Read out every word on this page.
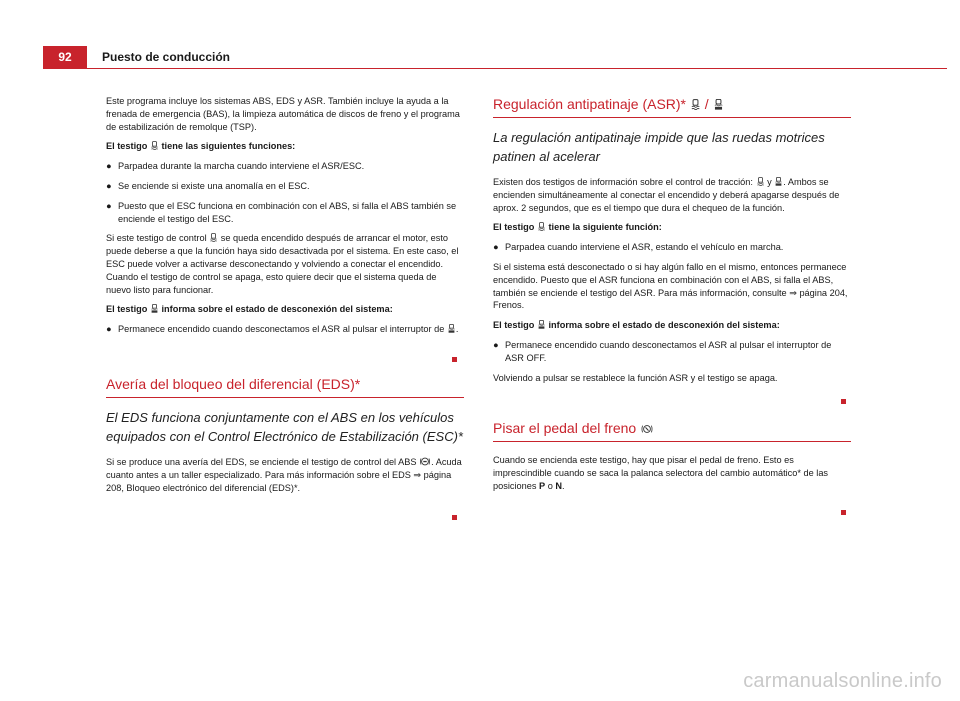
92	Puesto de conducción

Este programa incluye los sistemas ABS, EDS y ASR. También incluye la ayuda a la frenada de emergencia (BAS), la limpieza automática de discos de freno y el programa de estabilización de remolque (TSP).

El testigo tiene las siguientes funciones:

● Parpadea durante la marcha cuando interviene el ASR/ESC.

● Se enciende si existe una anomalía en el ESC.

● Puesto que el ESC funciona en combinación con el ABS, si falla el ABS también se enciende el testigo del ESC.

Si este testigo de control se queda encendido después de arrancar el motor, esto puede deberse a que la función haya sido desactivada por el sistema. En este caso, el ESC puede volver a activarse desconectando y volviendo a conectar el encendido. Cuando el testigo de control se apaga, esto quiere decir que el sistema queda de nuevo listo para funcionar.

El testigo informa sobre el estado de desconexión del sistema:

● Permanece encendido cuando desconectamos el ASR al pulsar el interruptor de .

Avería del bloqueo del diferencial (EDS)*
El EDS funciona conjuntamente con el ABS en los vehículos equipados con el Control Electrónico de Estabilización (ESC)*

Si se produce una avería del EDS, se enciende el testigo de control del ABS . Acuda cuanto antes a un taller especializado. Para más información sobre el EDS ⇒ página 208, Bloqueo electrónico del diferencial (EDS)*.

Regulación antipatinaje (ASR)* /
La regulación antipatinaje impide que las ruedas motrices patinen al acelerar

Existen dos testigos de información sobre el control de tracción: y . Ambos se encienden simultáneamente al conectar el encendido y deberá apagarse después de aprox. 2 segundos, que es el tiempo que dura el chequeo de la función.

El testigo tiene la siguiente función:

● Parpadea cuando interviene el ASR, estando el vehículo en marcha.

Si el sistema está desconectado o si hay algún fallo en el mismo, entonces permanece encendido. Puesto que el ASR funciona en combinación con el ABS, si falla el ABS, también se enciende el testigo del ASR. Para más información, consulte ⇒ página 204, Frenos.

El testigo informa sobre el estado de desconexión del sistema:

● Permanece encendido cuando desconectamos el ASR al pulsar el interruptor de ASR OFF.

Volviendo a pulsar se restablece la función ASR y el testigo se apaga.

Pisar el pedal del freno

Cuando se encienda este testigo, hay que pisar el pedal de freno. Esto es imprescindible cuando se saca la palanca selectora del cambio automático* de las posiciones P o N.

carmanualsonline.info
